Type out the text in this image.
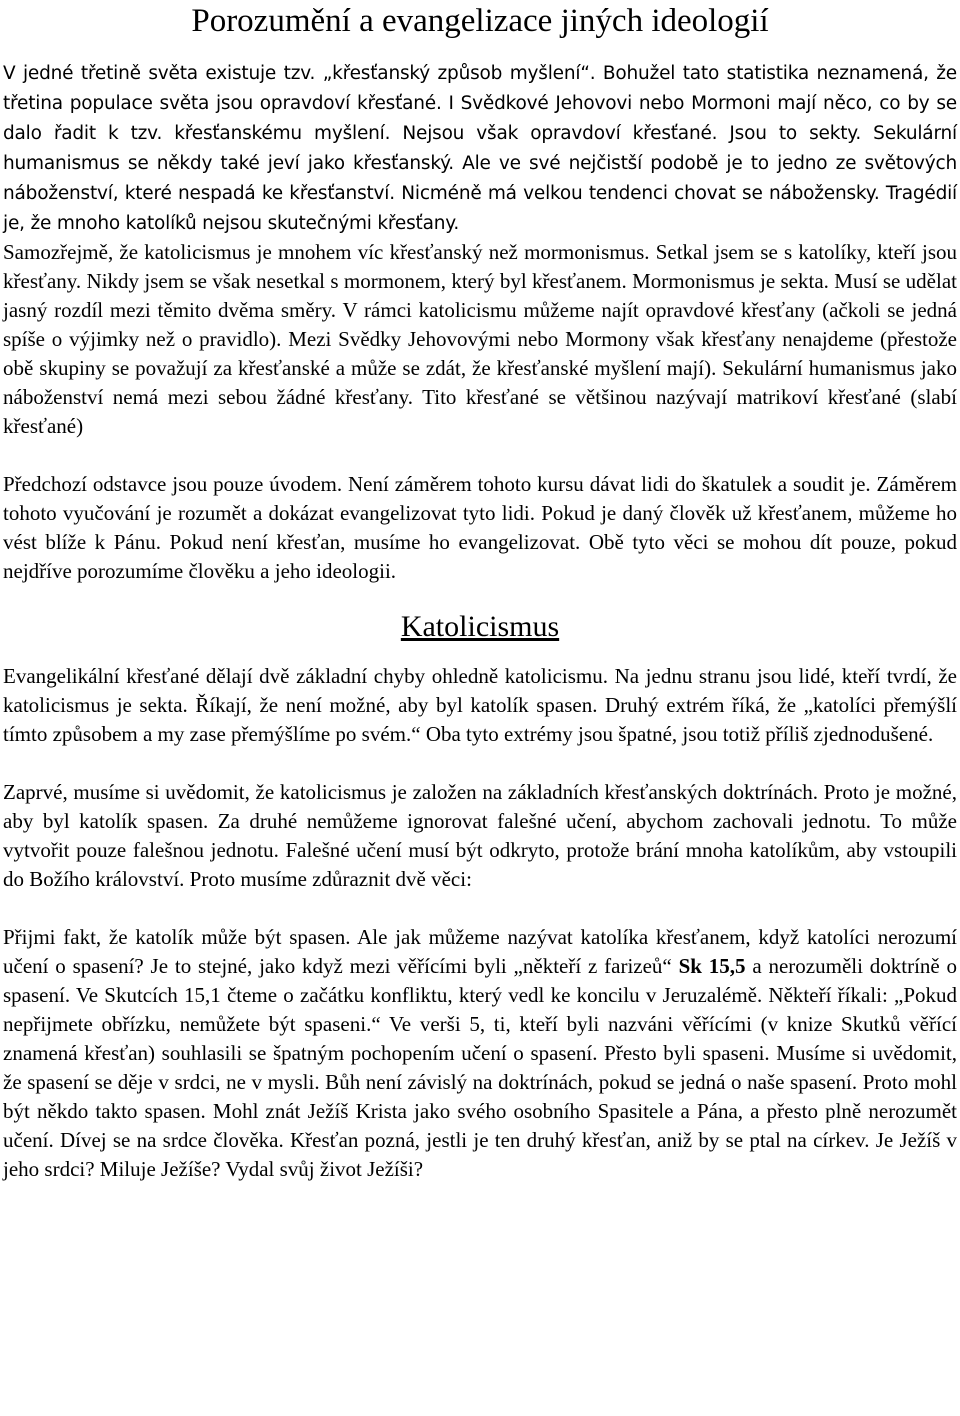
Porozumění a evangelizace jiných ideologií

V jedné třetině světa existuje tzv. „křesťanský způsob myšlení“. Bohužel tato statistika neznamená, že třetina populace světa jsou opravdoví křesťané. I Svědkové Jehovovi nebo Mormoni mají něco, co by se dalo řadit k tzv. křesťanskému myšlení. Nejsou však opravdoví křesťané. Jsou to sekty. Sekulární humanismus se někdy také jeví jako křesťanský. Ale ve své nejčistší podobě je to jedno ze světových náboženství, které nespadá ke křesťanství. Nicméně má velkou tendenci chovat se nábožensky. Tragédií je, že mnoho katolíků nejsou skutečnými křesťany.

Samozřejmě, že katolicismus je mnohem víc křesťanský než mormonismus. Setkal jsem se s katolíky, kteří jsou křesťany. Nikdy jsem se však nesetkal s mormonem, který byl křesťanem. Mormonismus je sekta. Musí se udělat jasný rozdíl mezi těmito dvěma směry. V rámci katolicismu můžeme najít opravdové křesťany (ačkoli se jedná spíše o výjimky než o pravidlo). Mezi Svědky Jehovovými nebo Mormony však křesťany nenajdeme (přestože obě skupiny se považují za křesťanské a může se zdát, že křesťanské myšlení mají). Sekulární humanismus jako náboženství nemá mezi sebou žádné křesťany. Tito křesťané se většinou nazývají matrikoví křesťané (slabí křesťané)

Předchozí odstavce jsou pouze úvodem. Není záměrem tohoto kursu dávat lidi do škatulek a soudit je. Záměrem tohoto vyučování je rozumět a dokázat evangelizovat tyto lidi. Pokud je daný člověk už křesťanem, můžeme ho vést blíže k Pánu. Pokud není křesťan, musíme ho evangelizovat. Obě tyto věci se mohou dít pouze, pokud nejdříve porozumíme člověku a jeho ideologii.

Katolicismus

Evangelikální křesťané dělají dvě základní chyby ohledně katolicismu. Na jednu stranu jsou lidé, kteří tvrdí, že katolicismus je sekta. Říkají, že není možné, aby byl katolík spasen. Druhý extrém říká, že „katolíci přemýšlí tímto způsobem a my zase přemýšlíme po svém.“ Oba tyto extrémy jsou špatné, jsou totiž příliš zjednodušené.

Zaprvé, musíme si uvědomit, že katolicismus je založen na základních křesťanských doktrínách. Proto je možné, aby byl katolík spasen. Za druhé nemůžeme ignorovat falešné učení, abychom zachovali jednotu. To může vytvořit pouze falešnou jednotu. Falešné učení musí být odkryto, protože brání mnoha katolíkům, aby vstoupili do Božího království. Proto musíme zdůraznit dvě věci:

Přijmi fakt, že katolík může být spasen. Ale jak můžeme nazývat katolíka křesťanem, když katolíci nerozumí učení o spasení? Je to stejné, jako když mezi věřícími byli „někteří z farizeů“ Sk 15,5 a nerozuměli doktríně o spasení. Ve Skutcích 15,1 čteme o začátku konfliktu, který vedl ke koncilu v Jeruzalémě. Někteří říkali: „Pokud nepřijmete obřízku, nemůžete být spaseni.“ Ve verši 5, ti, kteří byli nazváni věřícími (v knize Skutků věřící znamená křesťan) souhlasili se špatným pochopením učení o spasení. Přesto byli spaseni. Musíme si uvědomit, že spasení se děje v srdci, ne v mysli. Bůh není závislý na doktrínách, pokud se jedná o naše spasení. Proto mohl být někdo takto spasen. Mohl znát Ježíš Krista jako svého osobního Spasitele a Pána, a přesto plně nerozumět učení. Dívej se na srdce člověka. Křesťan pozná, jestli je ten druhý křesťan, aniž by se ptal na církev. Je Ježíš v jeho srdci? Miluje Ježíše? Vydal svůj život Ježíši?
